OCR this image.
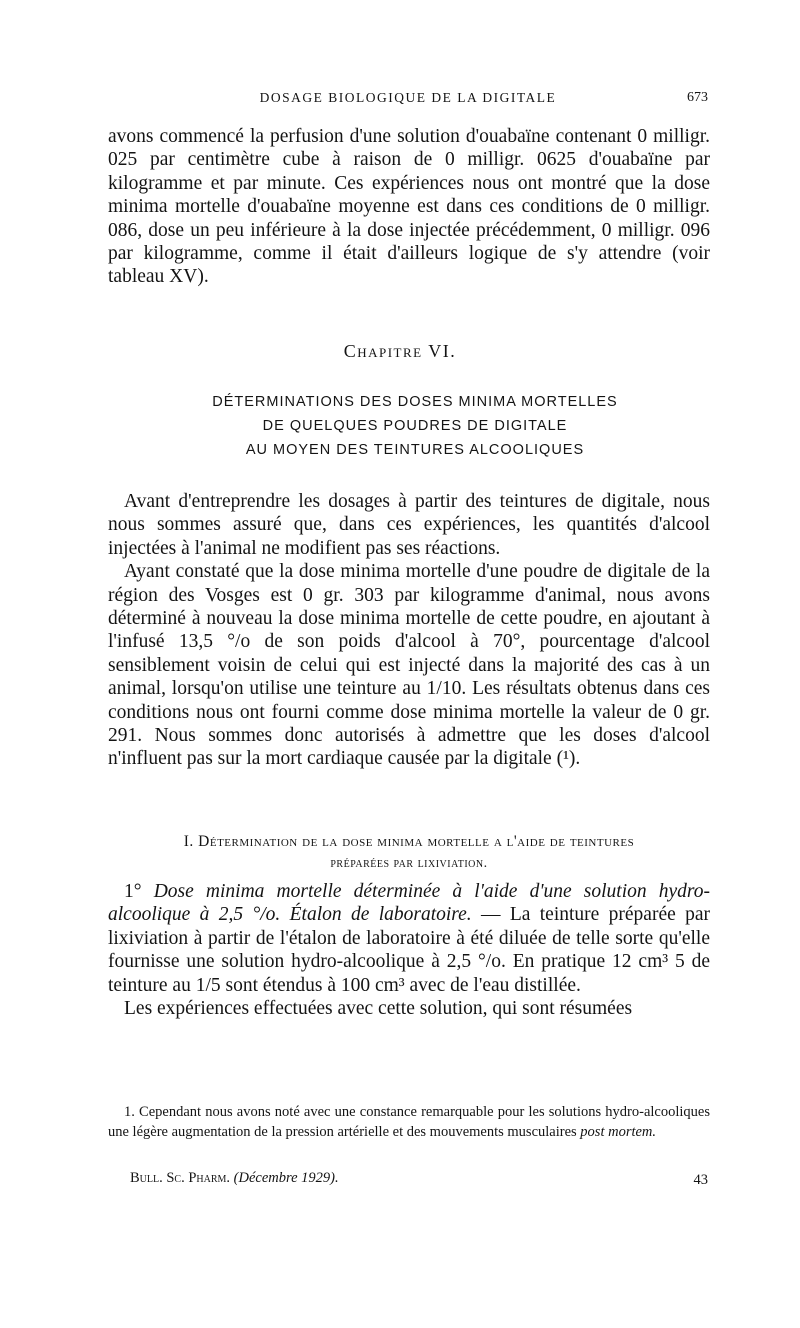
DOSAGE BIOLOGIQUE DE LA DIGITALE	673
avons commencé la perfusion d'une solution d'ouabaïne contenant 0 milligr. 025 par centimètre cube à raison de 0 milligr. 0625 d'ouabaïne par kilogramme et par minute. Ces expériences nous ont montré que la dose minima mortelle d'ouabaïne moyenne est dans ces conditions de 0 milligr. 086, dose un peu inférieure à la dose injectée précédemment, 0 milligr. 096 par kilogramme, comme il était d'ailleurs logique de s'y attendre (voir tableau XV).
Chapitre VI.
DÉTERMINATIONS DES DOSES MINIMA MORTELLES
DE QUELQUES POUDRES DE DIGITALE
AU MOYEN DES TEINTURES ALCOOLIQUES

Avant d'entreprendre les dosages à partir des teintures de digitale, nous nous sommes assuré que, dans ces expériences, les quantités d'alcool injectées à l'animal ne modifient pas ses réactions.

Ayant constaté que la dose minima mortelle d'une poudre de digitale de la région des Vosges est 0 gr. 303 par kilogramme d'animal, nous avons déterminé à nouveau la dose minima mortelle de cette poudre, en ajoutant à l'infusé 13,5 °/o de son poids d'alcool à 70°, pourcentage d'alcool sensiblement voisin de celui qui est injecté dans la majorité des cas à un animal, lorsqu'on utilise une teinture au 1/10. Les résultats obtenus dans ces conditions nous ont fourni comme dose minima mortelle la valeur de 0 gr. 291. Nous sommes donc autorisés à admettre que les doses d'alcool n'influent pas sur la mort cardiaque causée par la digitale (¹).

I. Détermination de la dose minima mortelle a l'aide de teintures
préparées par lixiviation.

1° Dose minima mortelle déterminée à l'aide d'une solution hydro-alcoolique à 2,5 °/o. Étalon de laboratoire. — La teinture préparée par lixiviation à partir de l'étalon de laboratoire à été diluée de telle sorte qu'elle fournisse une solution hydro-alcoolique à 2,5 °/o. En pratique 12 cm³ 5 de teinture au 1/5 sont étendus à 100 cm³ avec de l'eau distillée.

Les expériences effectuées avec cette solution, qui sont résumées

1. Cependant nous avons noté avec une constance remarquable pour les solutions hydro-alcooliques une légère augmentation de la pression artérielle et des mouvements musculaires post mortem.

Bull. Sc. Pharm. (Décembre 1929).	43
